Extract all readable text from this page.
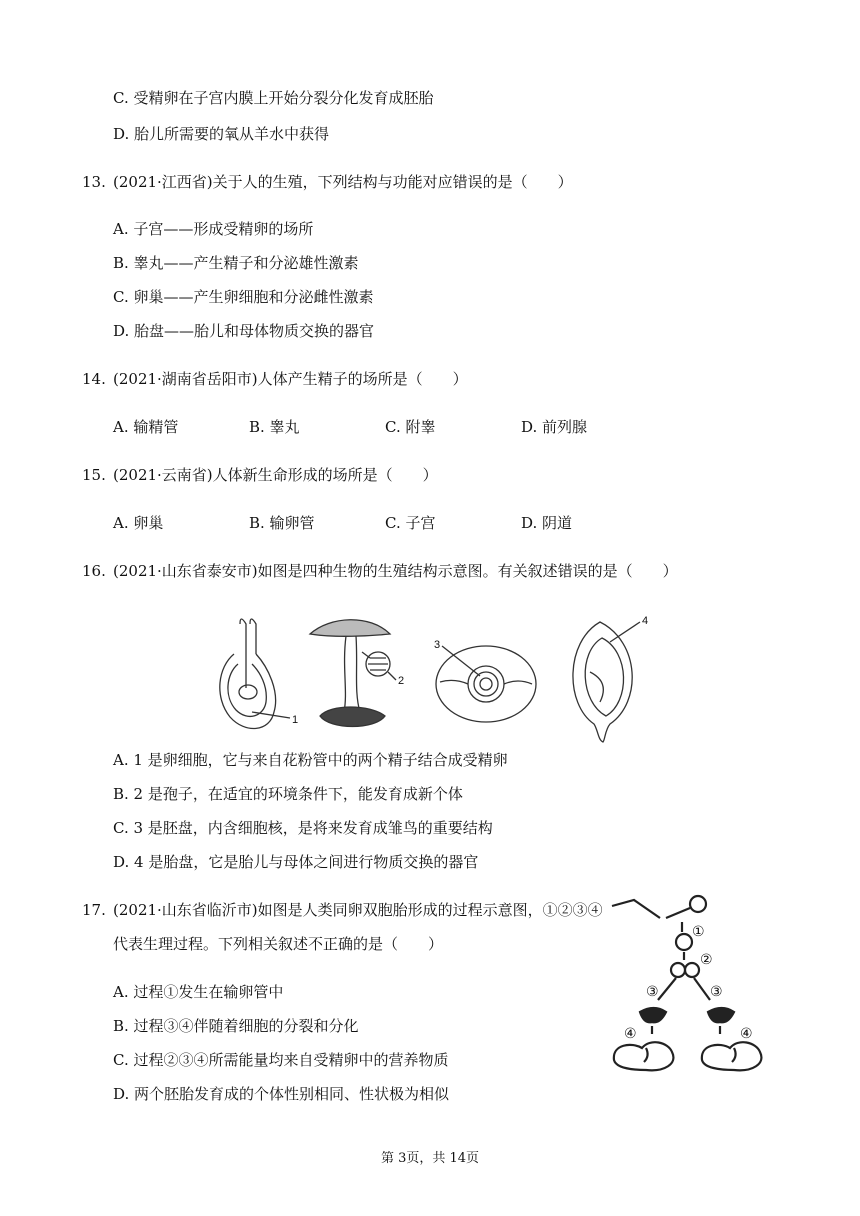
C. 受精卵在子宫内膜上开始分裂分化发育成胚胎
D. 胎儿所需要的氧从羊水中获得
13. (2021·江西省)关于人的生殖，下列结构与功能对应错误的是（　　）
A. 子宫——形成受精卵的场所
B. 睾丸——产生精子和分泌雄性激素
C. 卵巢——产生卵细胞和分泌雌性激素
D. 胎盘——胎儿和母体物质交换的器官
14. (2021·湖南省岳阳市)人体产生精子的场所是（　　）
A. 输精管	B. 睾丸	C. 附睾	D. 前列腺
15. (2021·云南省)人体新生命形成的场所是（　　）
A. 卵巢	B. 输卵管	C. 子宫	D. 阴道
16. (2021·山东省泰安市)如图是四种生物的生殖结构示意图。有关叙述错误的是（　　）
1
2
3
4
A. 1 是卵细胞，它与来自花粉管中的两个精子结合成受精卵
B. 2 是孢子，在适宜的环境条件下，能发育成新个体
C. 3 是胚盘，内含细胞核，是将来发育成雏鸟的重要结构
D. 4 是胎盘，它是胎儿与母体之间进行物质交换的器官
17. (2021·山东省临沂市)如图是人类同卵双胞胎形成的过程示意图，①②③④
代表生理过程。下列相关叙述不正确的是（　　）
①
②
③	③
④	④
A. 过程①发生在输卵管中
B. 过程③④伴随着细胞的分裂和分化
C. 过程②③④所需能量均来自受精卵中的营养物质
D. 两个胚胎发育成的个体性别相同、性状极为相似
第 3页，共 14页
